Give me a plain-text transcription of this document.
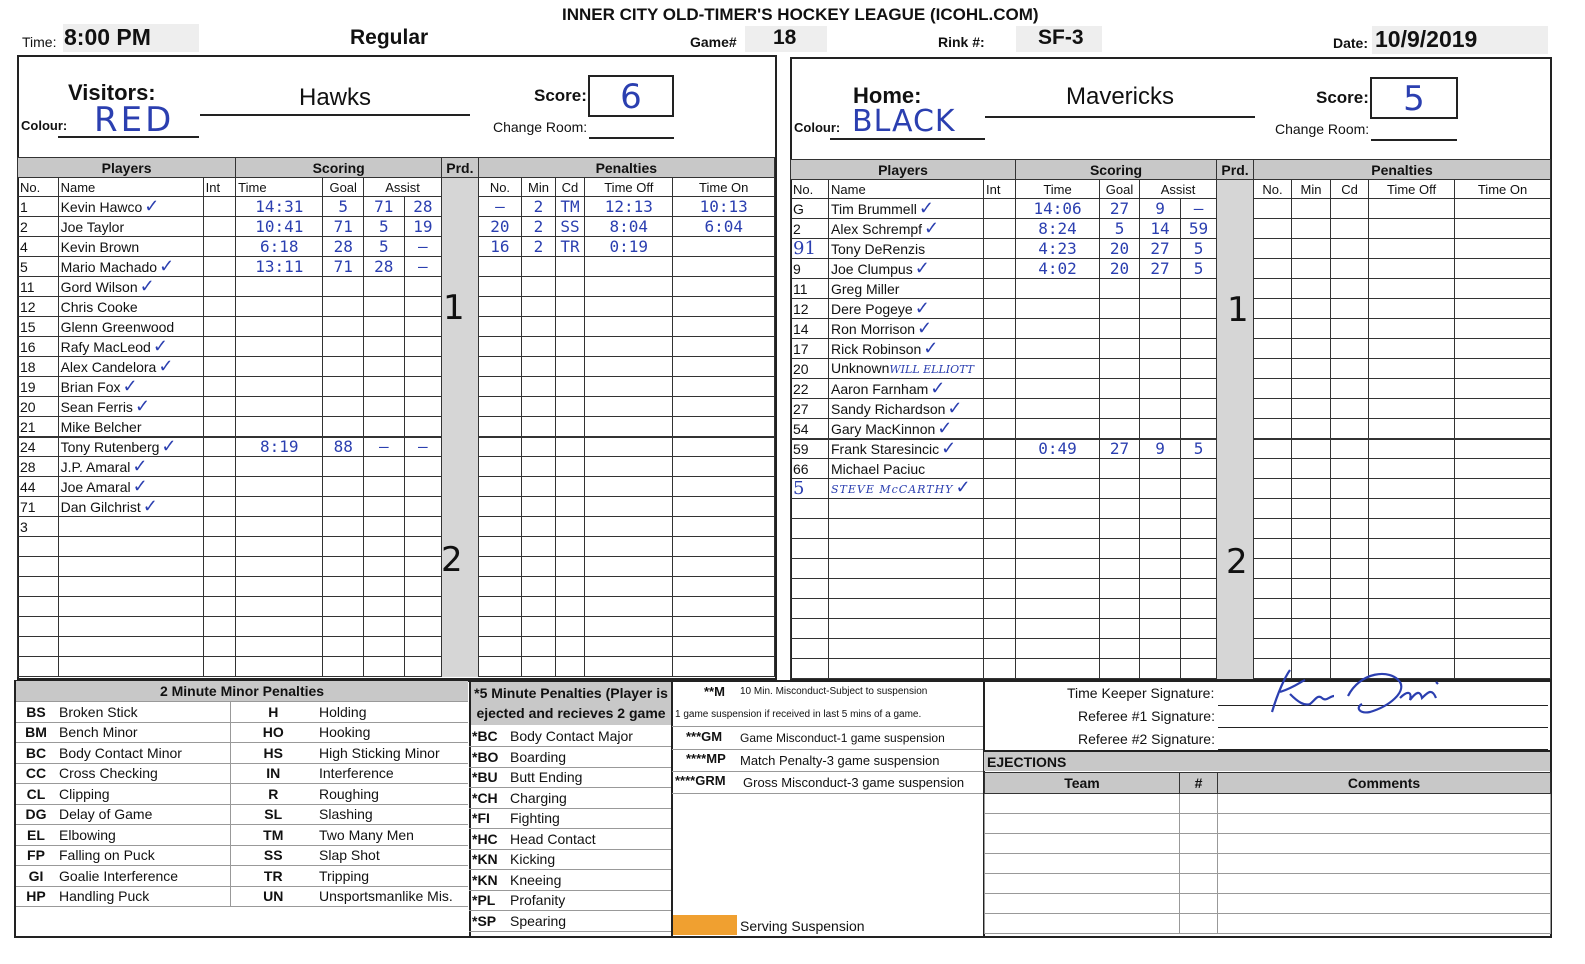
INNER CITY OLD-TIMER'S HOCKEY LEAGUE (ICOHL.COM)
Time: 8:00 PM	Regular	Game#	18	Rink #:	SF-3	Date: 10/9/2019
Visitors:	Hawks
Colour: RED
Score: 6
Change Room:
Home:	Mavericks
Colour: BLACK
Score:	5
Change Room:
Players			Scoring				Prd.	Penalties				
No.	Name	Int	Time	Goal	Assist			No.	Min	Cd	Time Off	Time On
1	Kevin Hawco ✓		14:31	5	71	28		–	2	TM	12:13	10:13
2	Joe Taylor		10:41	71	5	19		20	2	SS	8:04	6:04
4	Kevin Brown		6:18	28	5	–		16	2	TR	0:19	
5	Mario Machado ✓		13:11	71	28	–						
11	Gord Wilson ✓											
12	Chris Cooke											
15	Glenn Greenwood											
16	Rafy MacLeod ✓											
18	Alex Candelora ✓											
19	Brian Fox ✓											
20	Sean Ferris ✓											
21	Mike Belcher											
24	Tony Rutenberg ✓		8:19	88	–	–						
28	J.P. Amaral ✓											
44	Joe Amaral ✓											
71	Dan Gilchrist ✓											
3												

Players			Scoring				Prd.	Penalties				
No.	Name	Int	Time	Goal	Assist			No.	Min	Cd	Time Off	Time On
G	Tim Brummell ✓		14:06	27	9	–						
2	Alex Schrempf ✓		8:24	5	14	59						
91	Tony DeRenzis		4:23	20	27	5						
9	Joe Clumpus ✓		4:02	20	27	5						
11	Greg Miller											
12	Dere Pogeye ✓											
14	Ron Morrison ✓											
17	Rick Robinson ✓											
20	UnknownWILL ELLIOTT											
22	Aaron Farnham ✓											
27	Sandy Richardson ✓											
54	Gary MacKinnon ✓											
59	Frank Staresincic ✓		0:49	27	9	5						
66	Michael Paciuc											
5	STEVE McCARTHY ✓											

1
2
1
2
2 Minute Minor Penalties			
BS	Broken Stick	H	Holding
BM	Bench Minor	HO	Hooking
BC	Body Contact Minor	HS	High Sticking Minor
CC	Cross Checking	IN	Interference
CL	Clipping	R	Roughing
DG	Delay of Game	SL	Slashing
EL	Elbowing	TM	Two Many Men
FP	Falling on Puck	SS	Slap Shot
GI	Goalie Interference	TR	Tripping
HP	Handling Puck	UN	Unsportsmanlike Mis.
*5 Minute Penalties (Player is
ejected and recieves 2 game
*BC	Body Contact Major
*BO	Boarding
*BU	Butt Ending
*CH	Charging
*FI	Fighting
*HC	Head Contact
*KN	Kicking
*KN	Kneeing
*PL	Profanity
*SP	Spearing
**M 10 Min. Misconduct-Subject to suspension
1 game suspension if received in last 5 mins of a game.
***GM Game Misconduct-1 game suspension
****MP Match Penalty-3 game suspension
****GRM Gross Misconduct-3 game suspension
Serving Suspension
Time Keeper Signature:
Referee #1 Signature:
Referee #2 Signature:
EJECTIONS
Team	#	Comments
